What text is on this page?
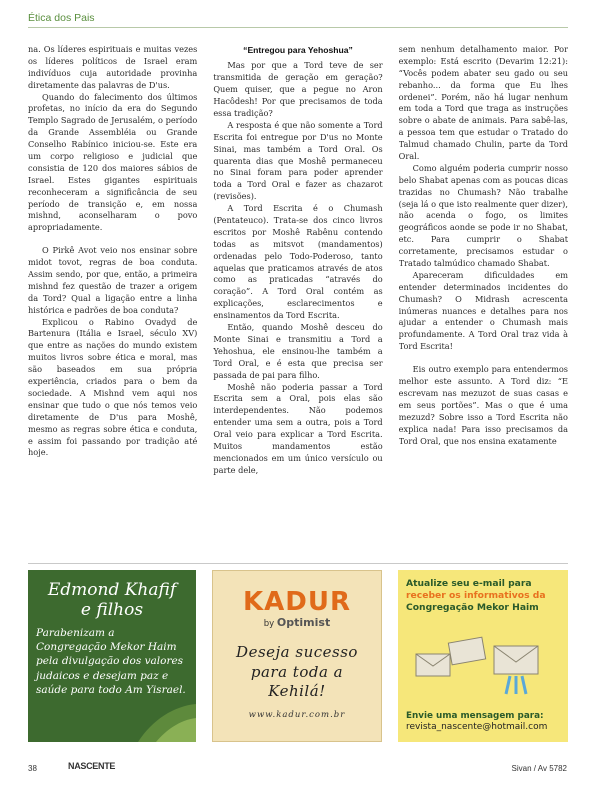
Ética dos Pais

na. Os líderes espirituais e muitas vezes os líderes políticos de Israel eram indivíduos cuja autoridade provinha diretamente das palavras de D'us.

Quando do falecimento dos últimos profetas, no início da era do Segundo Templo Sagrado de Jerusalém, o período da Grande Assembléia ou Grande Conselho Rabínico iniciou-se. Este era um corpo religioso e judicial que consistia de 120 dos maiores sábios de Israel. Estes gigantes espirituais reconheceram a significância de seu período de transição e, em nossa mishnd, aconselharam o povo apropriadamente.

O Pirkê Avot veio nos ensinar sobre midot tovot, regras de boa conduta. Assim sendo, por que, então, a primeira mishnd fez questão de trazer a origem da Tord? Qual a ligação entre a linha histórica e padrões de boa conduta?

Explicou o Rabino Ovadyd de Bartenura (Itália e Israel, século XV) que entre as nações do mundo existem muitos livros sobre ética e moral, mas são baseados em sua própria experiência, criados para o bem da sociedade. A Mishnd vem aqui nos ensinar que tudo o que nós temos veio diretamente de D'us para Moshê, mesmo as regras sobre ética e conduta, e assim foi passando por tradição até hoje.

“Entregou para Yehoshua”

Mas por que a Tord teve de ser transmitida de geração em geração? Quem quiser, que a pegue no Aron Hacôdesh! Por que precisamos de toda essa tradição?

A resposta é que não somente a Tord Escrita foi entregue por D'us no Monte Sinai, mas também a Tord Oral. Os quarenta dias que Moshê permaneceu no Sinai foram para poder aprender toda a Tord Oral e fazer as chazarot (revisões).

A Tord Escrita é o Chumash (Pentateuco). Trata-se dos cinco livros escritos por Moshê Rabênu contendo todas as mitsvot (mandamentos) ordenadas pelo Todo-Poderoso, tanto aquelas que praticamos através de atos como as praticadas “através do coração”. A Tord Oral contém as explicações, esclarecimentos e ensinamentos da Tord Escrita.

Então, quando Moshê desceu do Monte Sinai e transmitiu a Tord a Yehoshua, ele ensinou-lhe também a Tord Oral, e é esta que precisa ser passada de pai para filho.

Moshê não poderia passar a Tord Escrita sem a Oral, pois elas são interdependentes. Não podemos entender uma sem a outra, pois a Tord Oral veio para explicar a Tord Escrita. Muitos mandamentos estão mencionados em um único versículo ou parte dele,

sem nenhum detalhamento maior. Por exemplo: Está escrito (Devarim 12:21): “Vocês podem abater seu gado ou seu rebanho... da forma que Eu lhes ordenei”. Porém, não há lugar nenhum em toda a Tord que traga as instruções sobre o abate de animais. Para sabê-las, a pessoa tem que estudar o Tratado do Talmud chamado Chulin, parte da Tord Oral.

Como alguém poderia cumprir nosso belo Shabat apenas com as poucas dicas trazidas no Chumash? Não trabalhe (seja lá o que isto realmente quer dizer), não acenda o fogo, os limites geográficos aonde se pode ir no Shabat, etc. Para cumprir o Shabat corretamente, precisamos estudar o Tratado talmúdico chamado Shabat.

Apareceram dificuldades em entender determinados incidentes do Chumash? O Midrash acrescenta inúmeras nuances e detalhes para nos ajudar a entender o Chumash mais profundamente. A Tord Oral traz vida à Tord Escrita!

Eis outro exemplo para entendermos melhor este assunto. A Tord diz: “E escrevam nas mezuzot de suas casas e em seus portões”. Mas o que é uma mezuzd? Sobre isso a Tord Escrita não explica nada! Para isso precisamos da Tord Oral, que nos ensina exatamente

Edmond Khafif
e filhos
Parabenizam a Congregação Mekor Haim pela divulgação dos valores judaicos e desejam paz e saúde para todo Am Yisrael.
KADUR
by Optimist
Deseja sucesso para toda a Kehilá!
www.kadur.com.br
Atualize seu e-mail para
receber os informativos da
Congregação Mekor Haim
Envie uma mensagem para:
revista_nascente@hotmail.com
38	NASCENTE	Sivan / Av 5782
